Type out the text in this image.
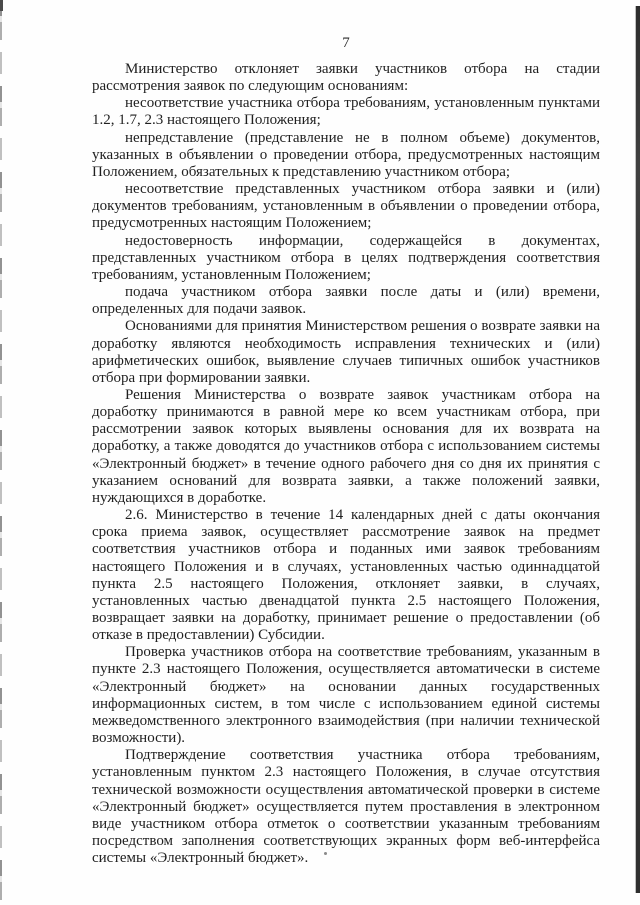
7

Министерство отклоняет заявки участников отбора на стадии рассмотрения заявок по следующим основаниям:

несоответствие участника отбора требованиям, установленным пунктами 1.2, 1.7, 2.3 настоящего Положения;

непредставление (представление не в полном объеме) документов, указанных в объявлении о проведении отбора, предусмотренных настоящим Положением, обязательных к представлению участником отбора;

несоответствие представленных участником отбора заявки и (или) документов требованиям, установленным в объявлении о проведении отбора, предусмотренных настоящим Положением;

недостоверность информации, содержащейся в документах, представленных участником отбора в целях подтверждения соответствия требованиям, установленным Положением;

подача участником отбора заявки после даты и (или) времени, определенных для подачи заявок.

Основаниями для принятия Министерством решения о возврате заявки на доработку являются необходимость исправления технических и (или) арифметических ошибок, выявление случаев типичных ошибок участников отбора при формировании заявки.

Решения Министерства о возврате заявок участникам отбора на доработку принимаются в равной мере ко всем участникам отбора, при рассмотрении заявок которых выявлены основания для их возврата на доработку, а также доводятся до участников отбора с использованием системы «Электронный бюджет» в течение одного рабочего дня со дня их принятия с указанием оснований для возврата заявки, а также положений заявки, нуждающихся в доработке.

2.6. Министерство в течение 14 календарных дней с даты окончания срока приема заявок, осуществляет рассмотрение заявок на предмет соответствия участников отбора и поданных ими заявок требованиям настоящего Положения и в случаях, установленных частью одиннадцатой пункта 2.5 настоящего Положения, отклоняет заявки, в случаях, установленных частью двенадцатой пункта 2.5 настоящего Положения, возвращает заявки на доработку, принимает решение о предоставлении (об отказе в предоставлении) Субсидии.

Проверка участников отбора на соответствие требованиям, указанным в пункте 2.3 настоящего Положения, осуществляется автоматически в системе «Электронный бюджет» на основании данных государственных информационных систем, в том числе с использованием единой системы межведомственного электронного взаимодействия (при наличии технической возможности).

Подтверждение соответствия участника отбора требованиям, установленным пунктом 2.3 настоящего Положения, в случае отсутствия технической возможности осуществления автоматической проверки в системе «Электронный бюджет» осуществляется путем проставления в электронном виде участником отбора отметок о соответствии указанным требованиям посредством заполнения соответствующих экранных форм веб-интерфейса системы «Электронный бюджет».
